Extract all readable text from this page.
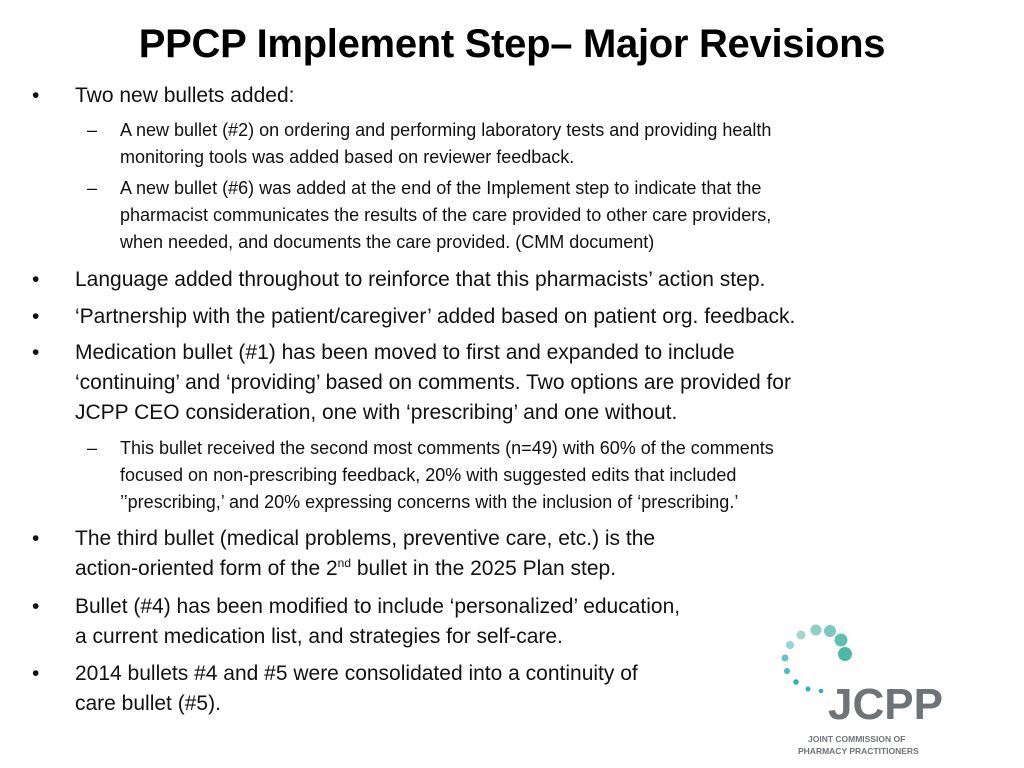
PPCP Implement Step– Major Revisions
• Two new bullets added:
– A new bullet (#2) on ordering and performing laboratory tests and providing health
monitoring tools was added based on reviewer feedback.
– A new bullet (#6) was added at the end of the Implement step to indicate that the
pharmacist communicates the results of the care provided to other care providers,
when needed, and documents the care provided. (CMM document)
• Language added throughout to reinforce that this pharmacists’ action step.
• ‘Partnership with the patient/caregiver’ added based on patient org. feedback.
• Medication bullet (#1) has been moved to first and expanded to include
‘continuing’ and ‘providing’ based on comments. Two options are provided for
JCPP CEO consideration, one with ‘prescribing’ and one without.
– This bullet received the second most comments (n=49) with 60% of the comments
focused on non-prescribing feedback, 20% with suggested edits that included
’’prescribing,’ and 20% expressing concerns with the inclusion of ‘prescribing.’
• The third bullet (medical problems, preventive care, etc.) is the
action-oriented form of the 2nd bullet in the 2025 Plan step.
• Bullet (#4) has been modified to include ‘personalized’ education,
a current medication list, and strategies for self-care.
• 2014 bullets #4 and #5 were consolidated into a continuity of
care bullet (#5).	JCPP
JOINT COMMISSION OF
PHARMACY PRACTITIONERS
